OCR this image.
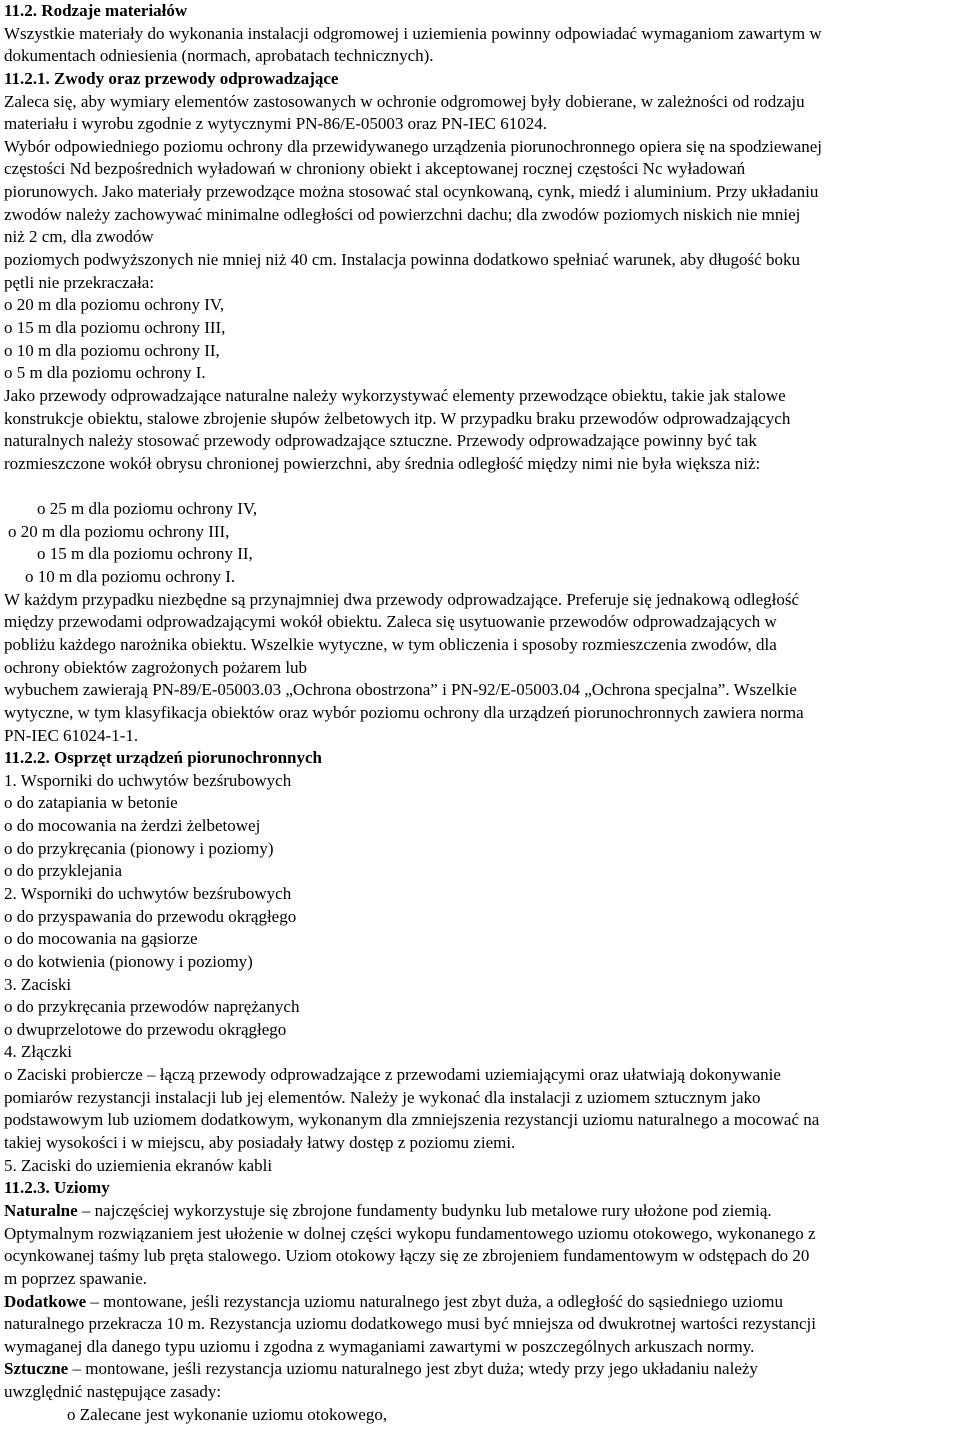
11.2. Rodzaje materiałów
Wszystkie materiały do wykonania instalacji odgromowej i uziemienia powinny odpowiadać wymaganiom zawartym w
dokumentach odniesienia (normach, aprobatach technicznych).
11.2.1. Zwody oraz przewody odprowadzające
Zaleca się, aby wymiary elementów zastosowanych w ochronie odgromowej były dobierane, w zależności od rodzaju
materiału i wyrobu zgodnie z wytycznymi PN-86/E-05003 oraz PN-IEC 61024.
Wybór odpowiedniego poziomu ochrony dla przewidywanego urządzenia piorunochronnego opiera się na spodziewanej
częstości Nd bezpośrednich wyładowań w chroniony obiekt i akceptowanej rocznej częstości Nc wyładowań
piorunowych. Jako materiały przewodzące można stosować stal ocynkowaną, cynk, miedź i aluminium. Przy układaniu
zwodów należy zachowywać minimalne odległości od powierzchni dachu; dla zwodów poziomych niskich nie mniej
niż 2 cm, dla zwodów
poziomych podwyższonych nie mniej niż 40 cm. Instalacja powinna dodatkowo spełniać warunek, aby długość boku
pętli nie przekraczała:
o 20 m dla poziomu ochrony IV,
o 15 m dla poziomu ochrony III,
o 10 m dla poziomu ochrony II,
o 5 m dla poziomu ochrony I.
Jako przewody odprowadzające naturalne należy wykorzystywać elementy przewodzące obiektu, takie jak stalowe
konstrukcje obiektu, stalowe zbrojenie słupów żelbetowych itp. W przypadku braku przewodów odprowadzających
naturalnych należy stosować przewody odprowadzające sztuczne. Przewody odprowadzające powinny być tak
rozmieszczone wokół obrysu chronionej powierzchni, aby średnia odległość między nimi nie była większa niż:
o 25 m dla poziomu ochrony IV,
o 20 m dla poziomu ochrony III,
o 15 m dla poziomu ochrony II,
o 10 m dla poziomu ochrony I.
W każdym przypadku niezbędne są przynajmniej dwa przewody odprowadzające. Preferuje się jednakową odległość
między przewodami odprowadzającymi wokół obiektu. Zaleca się usytuowanie przewodów odprowadzających w
pobliżu każdego narożnika obiektu. Wszelkie wytyczne, w tym obliczenia i sposoby rozmieszczenia zwodów, dla
ochrony obiektów zagrożonych pożarem lub
wybuchem zawierają PN-89/E-05003.03 „Ochrona obostrzona” i PN-92/E-05003.04 „Ochrona specjalna”. Wszelkie
wytyczne, w tym klasyfikacja obiektów oraz wybór poziomu ochrony dla urządzeń piorunochronnych zawiera norma
PN-IEC 61024-1-1.
11.2.2. Osprzęt urządzeń piorunochronnych
1. Wsporniki do uchwytów bezśrubowych
o do zatapiania w betonie
o do mocowania na żerdzi żelbetowej
o do przykręcania (pionowy i poziomy)
o do przyklejania
2. Wsporniki do uchwytów bezśrubowych
o do przyspawania do przewodu okrągłego
o do mocowania na gąsiorze
o do kotwienia (pionowy i poziomy)
3. Zaciski
o do przykręcania przewodów naprężanych
o dwuprzelotowe do przewodu okrągłego
4. Złączki
o Zaciski probiercze – łączą przewody odprowadzające z przewodami uziemiającymi oraz ułatwiają dokonywanie
pomiarów rezystancji instalacji lub jej elementów. Należy je wykonać dla instalacji z uziomem sztucznym jako
podstawowym lub uziomem dodatkowym, wykonanym dla zmniejszenia rezystancji uziomu naturalnego a mocować na
takiej wysokości i w miejscu, aby posiadały łatwy dostęp z poziomu ziemi.
5. Zaciski do uziemienia ekranów kabli
11.2.3. Uziomy
Naturalne – najczęściej wykorzystuje się zbrojone fundamenty budynku lub metalowe rury ułożone pod ziemią.
Optymalnym rozwiązaniem jest ułożenie w dolnej części wykopu fundamentowego uziomu otokowego, wykonanego z
ocynkowanej taśmy lub pręta stalowego. Uziom otokowy łączy się ze zbrojeniem fundamentowym w odstępach do 20
m poprzez spawanie.
Dodatkowe – montowane, jeśli rezystancja uziomu naturalnego jest zbyt duża, a odległość do sąsiedniego uziomu
naturalnego przekracza 10 m. Rezystancja uziomu dodatkowego musi być mniejsza od dwukrotnej wartości rezystancji
wymaganej dla danego typu uziomu i zgodna z wymaganiami zawartymi w poszczególnych arkuszach normy.
Sztuczne – montowane, jeśli rezystancja uziomu naturalnego jest zbyt duża; wtedy przy jego układaniu należy
uwzględnić następujące zasady:
o Zalecane jest wykonanie uziomu otokowego,
